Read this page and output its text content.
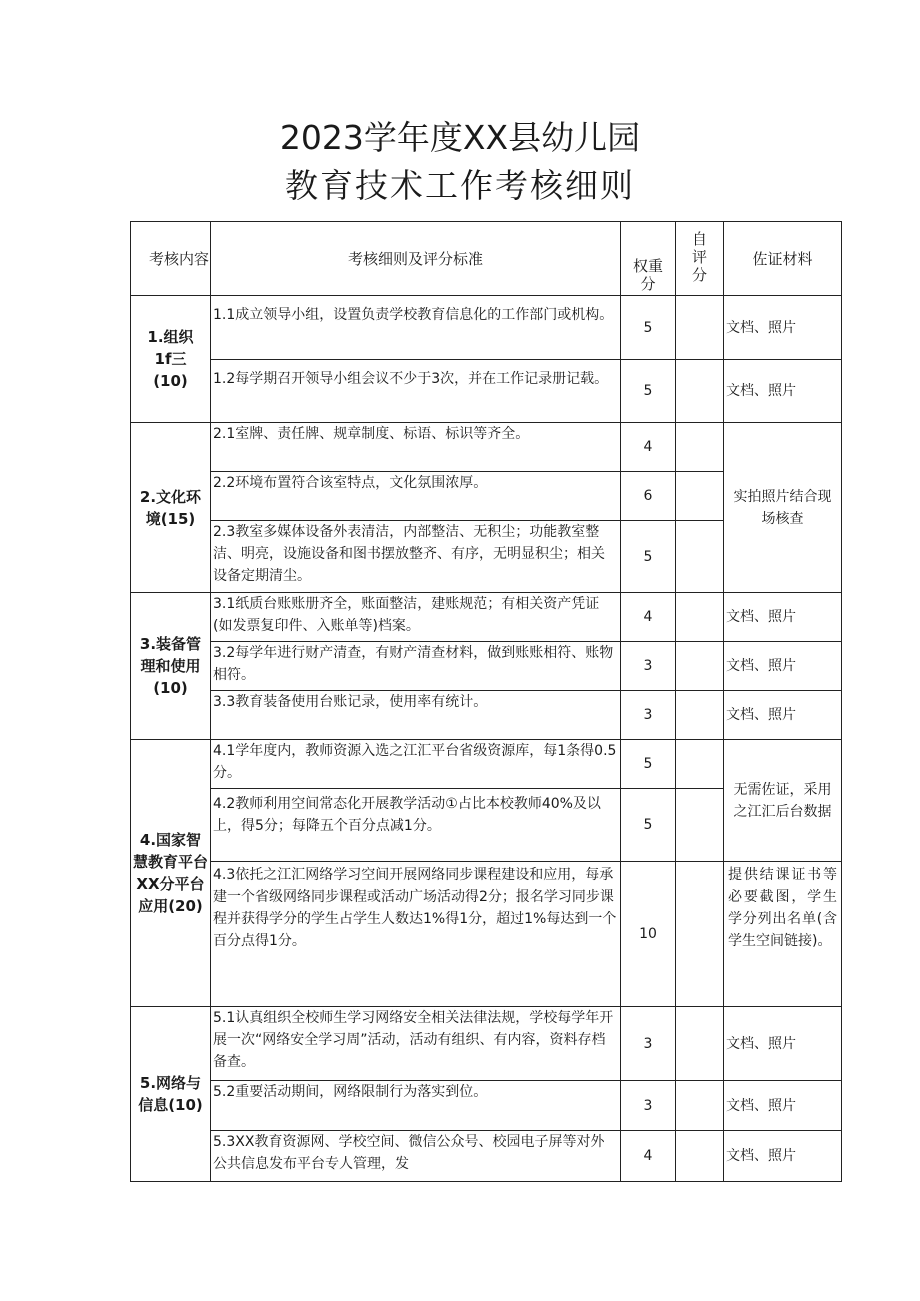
2023学年度XX县幼儿园
教育技术工作考核细则
考核内容	考核细则及评分标准	权重分	自评分	佐证材料
1.组织 1f三 (10)	1.1成立领导小组，设置负责学校教育信息化的工作部门或机构。	5		文档、照片
	1.2每学期召开领导小组会议不少于3次，并在工作记录册记载。	5		文档、照片
2.文化环境(15)	2.1室牌、责任牌、规章制度、标语、标识等齐全。	4		实拍照片结合现场核查
	2.2环境布置符合该室特点，文化氛围浓厚。	6		
	2.3教室多媒体设备外表清洁，内部整洁、无积尘；功能教室整洁、明亮，设施设备和图书摆放整齐、有序，无明显积尘；相关设备定期清尘。	5		
3.装备管理和使用(10)	3.1纸质台账账册齐全，账面整洁，建账规范；有相关资产凭证(如发票复印件、入账单等)档案。	4		文档、照片
	3.2每学年进行财产清查，有财产清查材料，做到账账相符、账物相符。	3		文档、照片
	3.3教育装备使用台账记录，使用率有统计。	3		文档、照片
4.国家智慧教育平台XX分平台应用(20)	4.1学年度内，教师资源入选之江汇平台省级资源库，每1条得0.5分。	5		无需佐证，采用之江汇后台数据
	4.2教师利用空间常态化开展教学活动①占比本校教师40%及以上，得5分；每降五个百分点减1分。	5		
	4.3依托之江汇网络学习空间开展网络同步课程建设和应用，每承建一个省级网络同步课程或活动广场活动得2分；报名学习同步课程并获得学分的学生占学生人数达1%得1分，超过1%每达到一个百分点得1分。	10		提供结课证书等必要截图，学生学分列出名单(含学生空间链接)。
5.网络与信息(10)	5.1认真组织全校师生学习网络安全相关法律法规，学校每学年开展一次“网络安全学习周”活动，活动有组织、有内容，资料存档备查。	3		文档、照片
	5.2重要活动期间，网络限制行为落实到位。	3		文档、照片
	5.3XX教育资源网、学校空间、微信公众号、校园电子屏等对外公共信息发布平台专人管理，发	4		文档、照片
